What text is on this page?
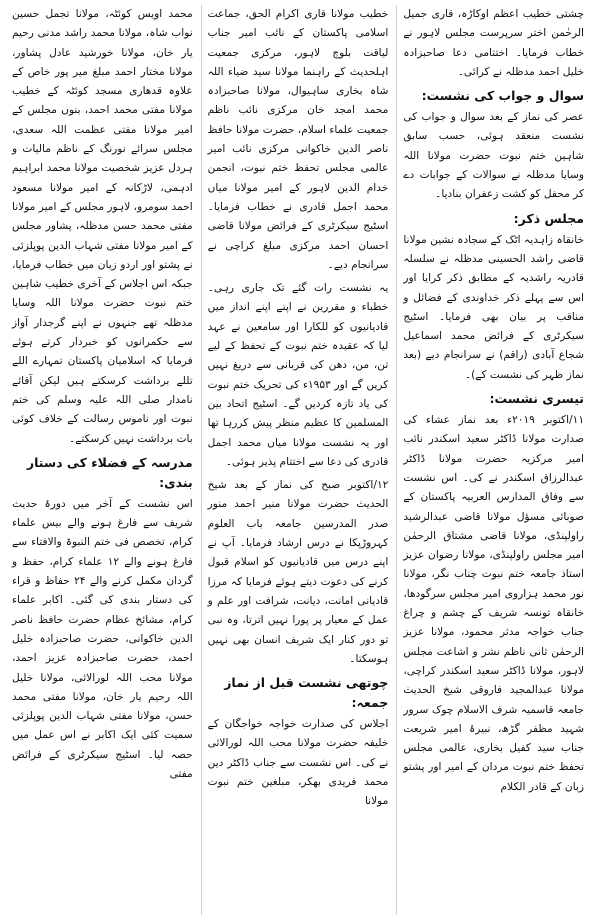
چشتی خطیب اعظم اوکاڑہ، قاری جمیل الرحٰمن اختر سرپرست مجلس لاہور نے خطاب فرمایا۔ اختتامی دعا صاحبزادہ خلیل احمد مدظلہ نے کرائی۔

سوال و جواب کی نشست:

عصر کی نماز کے بعد سوال و جواب کی نشست منعقد ہوئی، حسب سابق شاہین ختم نبوت حضرت مولانا اللہ وسایا مدظلہ نے سوالات کے جوابات دے کر محفل کو کشت زعفران بنادیا۔

مجلس ذکر:

خانقاہ زاہدیہ اٹک کے سجادہ نشین مولانا قاضی راشد الحسینی مدظلہ نے سلسلہ قادریہ راشدیہ کے مطابق ذکر کرایا اور اس سے پہلے ذکر خداوندی کے فضائل و مناقب پر بیان بھی فرمایا۔ اسٹیج سیکرٹری کے فرائض محمد اسماعیل شجاع آبادی (راقم) نے سرانجام دیے (بعد نماز ظہر کی نشست کے)۔

تیسری نشست:

۱۱/اکتوبر ۲۰۱۹ء بعد نماز عشاء کی صدارت مولانا ڈاکٹر سعید اسکندر نائب امیر مرکزیہ حضرت مولانا ڈاکٹر عبدالرزاق اسکندر نے کی۔ اس نشست سے وفاق المدارس العربیہ پاکستان کے صوبائی مسؤل مولانا قاضی عبدالرشید راولپنڈی، مولانا قاضی مشتاق الرحمٰن امیر مجلس راولپنڈی، مولانا رضوان عزیز استاذ جامعہ ختم نبوت چناب نگر، مولانا نور محمد ہزاروی امیر مجلس سرگودھا، خانقاہ تونسہ شریف کے چشم و چراغ جناب خواجہ مدثر محمود، مولانا عزیز الرحمٰن ثانی ناظم نشر و اشاعت مجلس لاہور، مولانا ڈاکٹر سعید اسکندر کراچی، مولانا عبدالمجید فاروقی شیخ الحدیث جامعہ قاسمیہ شرف الاسلام چوک سرور شہید مظفر گڑھ، نبیرۂ امیر شریعت جناب سید کفیل بخاری، عالمی مجلس تحفظ ختم نبوت مردان کے امیر اور پشتو زبان کے قادر الکلام

خطیب مولانا قاری اکرام الحق، جماعت اسلامی پاکستان کے نائب امیر جناب لیاقت بلوچ لاہور، مرکزی جمعیت اہلحدیث کے راہنما مولانا سید ضیاء اللہ شاہ بخاری ساہیوال، مولانا صاحبزادہ محمد امجد خان مرکزی نائب ناظم جمعیت علماء اسلام، حضرت مولانا حافظ ناصر الدین خاکوانی مرکزی نائب امیر عالمی مجلس تحفظ ختم نبوت، انجمن خدام الدین لاہور کے امیر مولانا میاں محمد اجمل قادری نے خطاب فرمایا۔ اسٹیج سیکرٹری کے فرائض مولانا قاضی احسان احمد مرکزی مبلغ کراچی نے سرانجام دیے۔

یہ نشست رات گئے تک جاری رہی۔ خطباء و مقررین نے اپنے اپنے انداز میں قادیانیوں کو للکارا اور سامعین نے عہد لیا کہ عقیدہ ختم نبوت کے تحفظ کے لیے تن، من، دھن کی قربانی سے دریغ نہیں کریں گے اور ۱۹۵۳ء کی تحریک ختم نبوت کی یاد تازہ کردیں گے۔ اسٹیج اتحاد بین المسلمین کا عظیم منظر پیش کررہا تھا اور یہ نشست مولانا میاں محمد اجمل قادری کی دعا سے اختتام پذیر ہوئی۔

۱۲/اکتوبر صبح کی نماز کے بعد شیخ الحدیث حضرت مولانا منیر احمد منور صدر المدرسین جامعہ باب العلوم کہروڑپکا نے درس ارشاد فرمایا۔ آپ نے اپنے درس میں قادیانیوں کو اسلام قبول کرنے کی دعوت دیتے ہوئے فرمایا کہ مرزا قادیانی امانت، دیانت، شرافت اور علم و عمل کے معیار پر پورا نہیں اترتا، وہ نبی تو دور کنار ایک شریف انسان بھی نہیں ہوسکتا۔

چوتھی نشست قبل از نماز جمعہ:

اجلاس کی صدارت خواجہ خواجگان کے خلیفہ حضرت مولانا محب اللہ لورالائی نے کی۔ اس نشست سے جناب ڈاکٹر دین محمد فریدی بھکر، مبلغین ختم نبوت مولانا

محمد اویس کوئٹہ، مولانا تجمل حسین نواب شاہ، مولانا محمد راشد مدنی رحیم یار خان، مولانا خورشید عادل پشاور، مولانا مختار احمد مبلغ میر پور خاص کے علاوہ قدھاری مسجد کوئٹہ کے خطیب مولانا مفتی محمد احمد، بنوں مجلس کے امیر مولانا مفتی عظمت اللہ سعدی، مجلس سرائے نورنگ کے ناظم مالیات و ہردل عزیز شخصیت مولانا محمد ابراہیم ادہمی، لاڑکانہ کے امیر مولانا مسعود احمد سومرو، لاہور مجلس کے امیر مولانا مفتی محمد حسن مدظلہ، پشاور مجلس کے امیر مولانا مفتی شہاب الدین پوپلزئی نے پشتو اور اردو زبان میں خطاب فرمایا، جبکہ اس اجلاس کے آخری خطیب شاہین ختم نبوت حضرت مولانا اللہ وسایا مدظلہ تھے جنہوں نے اپنے گرجدار آواز سے حکمرانوں کو خبردار کرتے ہوئے فرمایا کہ اسلامیان پاکستان تمہارے اللے تللے برداشت کرسکتے ہیں لیکن آقائے نامدار صلی اللہ علیہ وسلم کی ختم نبوت اور ناموس رسالت کے خلاف کوئی بات برداشت نہیں کرسکتے۔

مدرسہ کے فضلاء کی دستار بندی:

اس نشست کے آخر میں دورۂ حدیث شریف سے فارغ ہونے والے بیس علماء کرام، تخصص فی ختم النبوۃ والافتاء سے فارغ ہونے والے ۱۲ علماء کرام، حفظ و گردان مکمل کرنے والے ۲۴ حفاظ و قراء کی دستار بندی کی گئی۔ اکابر علماء کرام، مشائخ عظام حضرت حافظ ناصر الدین خاکوانی، حضرت صاحبزادہ خلیل احمد، حضرت صاحبزادہ عزیز احمد، مولانا محب اللہ لورالائی، مولانا خلیل اللہ رحیم یار خان، مولانا مفتی محمد حسن، مولانا مفتی شہاب الدین پوپلزئی سمیت کئی ایک اکابر نے اس عمل میں حصہ لیا۔ اسٹیج سیکرٹری کے فرائض مفتی
